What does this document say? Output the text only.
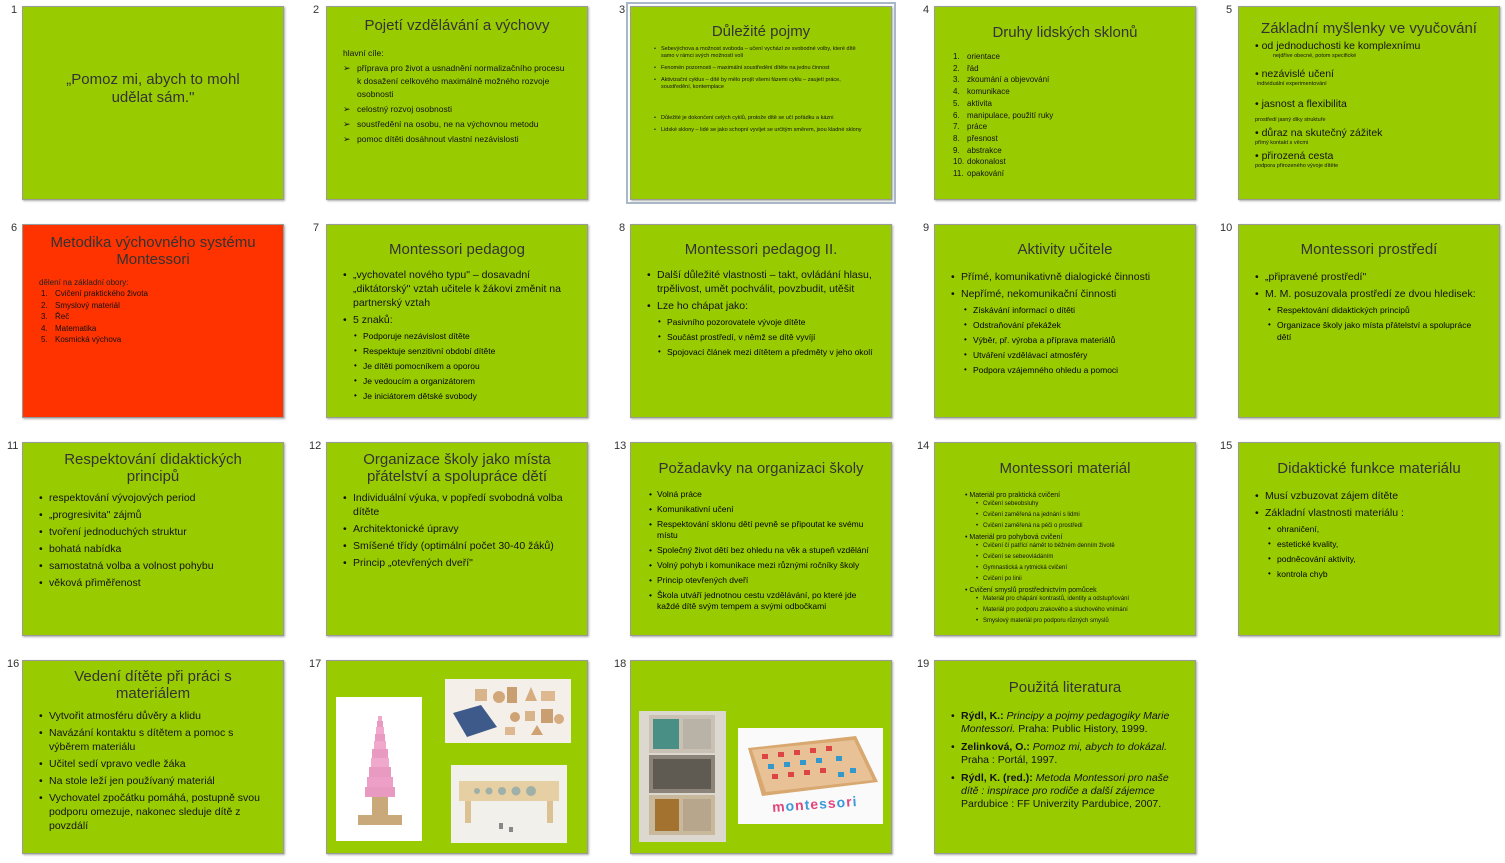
1
„Pomoz mi, abych to mohl udělat sám."
2
Pojetí vzdělávání a výchovy
hlavní cíle:
➢ příprava pro život a usnadnění normalizačního procesu k dosažení celkového maximálně možného rozvoje osobnosti
➢ celostný rozvoj osobnosti
➢ soustředění na osobu, ne na výchovnou metodu
➢ pomoc dítěti dosáhnout vlastní nezávislosti
3
Důležité pojmy
• Sebevýchova a možnost svoboda – učení vychází ze svobodné volby, které dítě samo v rámci svých možností volí
• Fenomén pozornosti – maximální soustředění dítěte na jednu činnost
• Aktivizační cyklus – dítě by mělo projít všemi fázemi cyklu – zaujetí práce, soustředění, kontemplace
• Důležité je dokončení celých cyklů, protože dítě se učí pořádku a kázni
• Lidské sklony – lidé se jako schopní vyvíjet se určitým směrem, jsou kladné sklony
4
Druhy lidských sklonů
1. orientace
2. řád
3. zkoumání a objevování
4. komunikace
5. aktivita
6. manipulace, použití ruky
7. práce
8. přesnost
9. abstrakce
10. dokonalost
11. opakování
5
Základní myšlenky ve vyučování
• od jednoduchosti ke komplexnímu
nejdříve obecné, potom specifické
• nezávislé učení
individuální experimentování
• jasnost a flexibilita
prostředí jasný díky struktuře
• důraz na skutečný zážitek
přímý kontakt s věcmi
• přirozená cesta
podpora přirozeného vývoje dítěte
6
Metodika výchovného systému Montessori
dělení na základní obory:
1. Cvičení praktického života
2. Smyslový materiál
3. Řeč
4. Matematika
5. Kosmická výchova
7
Montessori pedagog
• „vychovatel nového typu" – dosavadní „diktátorský" vztah učitele k žákovi změnit na partnerský vztah
• 5 znaků:
• Podporuje nezávislost dítěte
• Respektuje senzitivní období dítěte
• Je dítěti pomocníkem a oporou
• Je vedoucím a organizátorem
• Je iniciátorem dětské svobody
8
Montessori pedagog II.
• Další důležité vlastnosti – takt, ovládání hlasu, trpělivost, umět pochválit, povzbudit, utěšit
• Lze ho chápat jako:
• Pasivního pozorovatele vývoje dítěte
• Součást prostředí, v němž se dítě vyvíjí
• Spojovací článek mezi dítětem a předměty v jeho okolí
9
Aktivity učitele
• Přímé, komunikativně dialogické činnosti
• Nepřímé, nekomunikační činnosti
• Získávání informací o dítěti
• Odstraňování překážek
• Výběr, př. výroba a příprava materiálů
• Utváření vzdělávací atmosféry
• Podpora vzájemného ohledu a pomoci
10
Montessori prostředí
• „připravené prostředí"
• M. M. posuzovala prostředí ze dvou hledisek:
• Respektování didaktických principů
• Organizace školy jako místa přátelství a spolupráce dětí
11
Respektování didaktických principů
• respektování vývojových period
• „progresivita" zájmů
• tvoření jednoduchých struktur
• bohatá nabídka
• samostatná volba a volnost pohybu
• věková přiměřenost
12
Organizace školy jako místa přátelství a spolupráce dětí
• Individuální výuka, v popředí svobodná volba dítěte
• Architektonické úpravy
• Smíšené třídy (optimální počet 30-40 žáků)
• Princip „otevřených dveří"
13
Požadavky na organizaci školy
• Volná práce
• Komunikativní učení
• Respektování sklonu dětí pevně se připoutat ke svému místu
• Společný život dětí bez ohledu na věk a stupeň vzdělání
• Volný pohyb i komunikace mezi různými ročníky školy
• Princip otevřených dveří
• Škola utváří jednotnou cestu vzdělávání, po které jde každé dítě svým tempem a svými odbočkami
14
Montessori materiál
• Materiál pro praktická cvičení
• Cvičení sebeobsluhy
• Cvičení zaměřená na jednání s lidmi
• Cvičení zaměřená na péči o prostředí
• Materiál pro pohybová cvičení
• Cvičení čí patřící námět to běžném denním životě
• Cvičení se sebeovládáním
• Gymnastická a rytmická cvičení
• Cvičení po linii
• Cvičení smyslů prostřednictvím pomůcek
• Materiál pro chápání kontrastů, identity a odstupňování
• Materiál pro podporu zrakového a sluchového vnímání
• Smyslový materiál pro podporu různých smyslů
15
Didaktické funkce materiálu
• Musí vzbuzovat zájem dítěte
• Základní vlastnosti materiálu :
• ohraničení,
• estetické kvality,
• podněcování aktivity,
• kontrola chyb
16
Vedení dítěte při práci s materiálem
• Vytvořit atmosféru důvěry a klidu
• Navázání kontaktu s dítětem a pomoc s výběrem materiálu
• Učitel sedí vpravo vedle žáka
• Na stole leží jen používaný materiál
• Vychovatel zpočátku pomáhá, postupně svou podporu omezuje, nakonec sleduje dítě z povzdálí
17	18
montessori
19
Použitá literatura
• Rýdl, K.: Principy a pojmy pedagogiky Marie Montessori. Praha: Public History, 1999.
• Zelinková, O.: Pomoz mi, abych to dokázal. Praha : Portál, 1997.
• Rýdl, K. (red.): Metoda Montessori pro naše dítě : inspirace pro rodiče a další zájemce Pardubice : FF Univerzity Pardubice, 2007.
